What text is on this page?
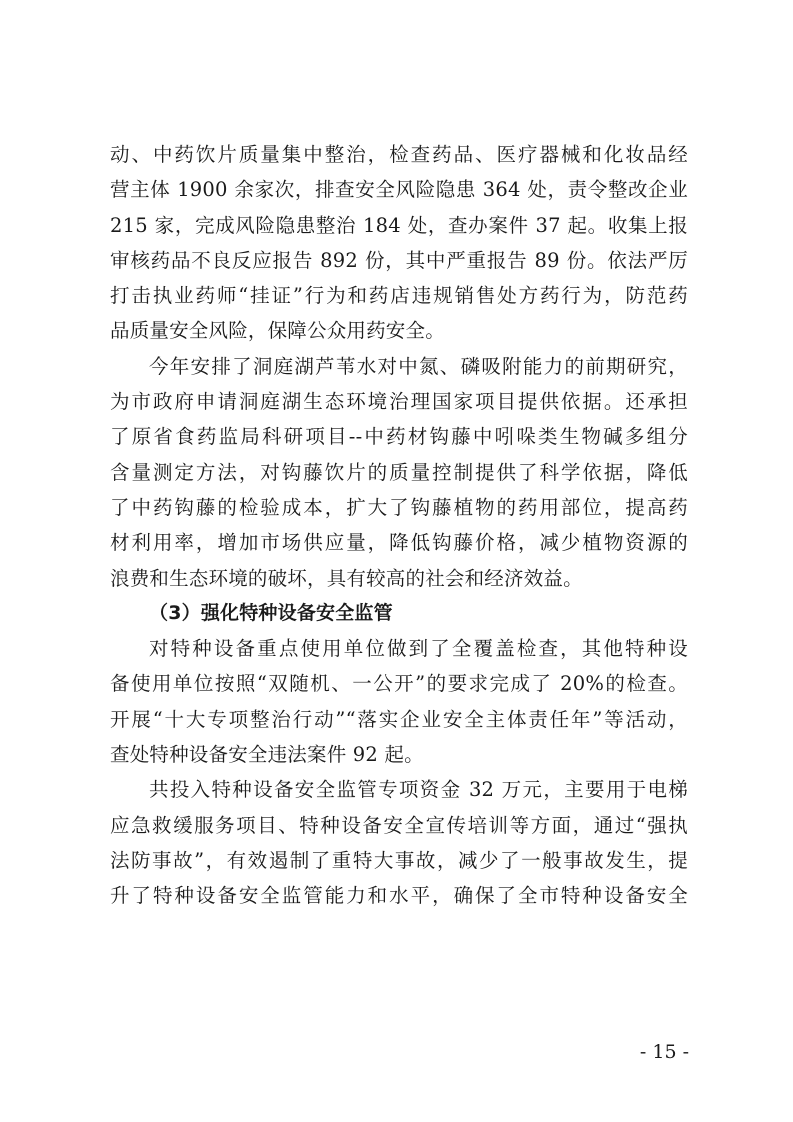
动、中药饮片质量集中整治，检查药品、医疗器械和化妆品经
营主体 1900 余家次，排查安全风险隐患 364 处，责令整改企业
215 家，完成风险隐患整治 184 处，查办案件 37 起。收集上报
审核药品不良反应报告 892 份，其中严重报告 89 份。依法严厉
打击执业药师“挂证”行为和药店违规销售处方药行为，防范药
品质量安全风险，保障公众用药安全。
今年安排了洞庭湖芦苇水对中氮、磷吸附能力的前期研究，
为市政府申请洞庭湖生态环境治理国家项目提供依据。还承担
了原省食药监局科研项目--中药材钩藤中吲哚类生物碱多组分
含量测定方法，对钩藤饮片的质量控制提供了科学依据，降低
了中药钩藤的检验成本，扩大了钩藤植物的药用部位，提高药
材利用率，增加市场供应量，降低钩藤价格，减少植物资源的
浪费和生态环境的破坏，具有较高的社会和经济效益。
（3）强化特种设备安全监管
对特种设备重点使用单位做到了全覆盖检查，其他特种设
备使用单位按照“双随机、一公开”的要求完成了 20%的检查。
开展“十大专项整治行动”“落实企业安全主体责任年”等活动，
查处特种设备安全违法案件 92 起。
共投入特种设备安全监管专项资金 32 万元，主要用于电梯
应急救缓服务项目、特种设备安全宣传培训等方面，通过“强执
法防事故”，有效遏制了重特大事故，减少了一般事故发生，提
升了特种设备安全监管能力和水平，确保了全市特种设备安全
- 15 -
